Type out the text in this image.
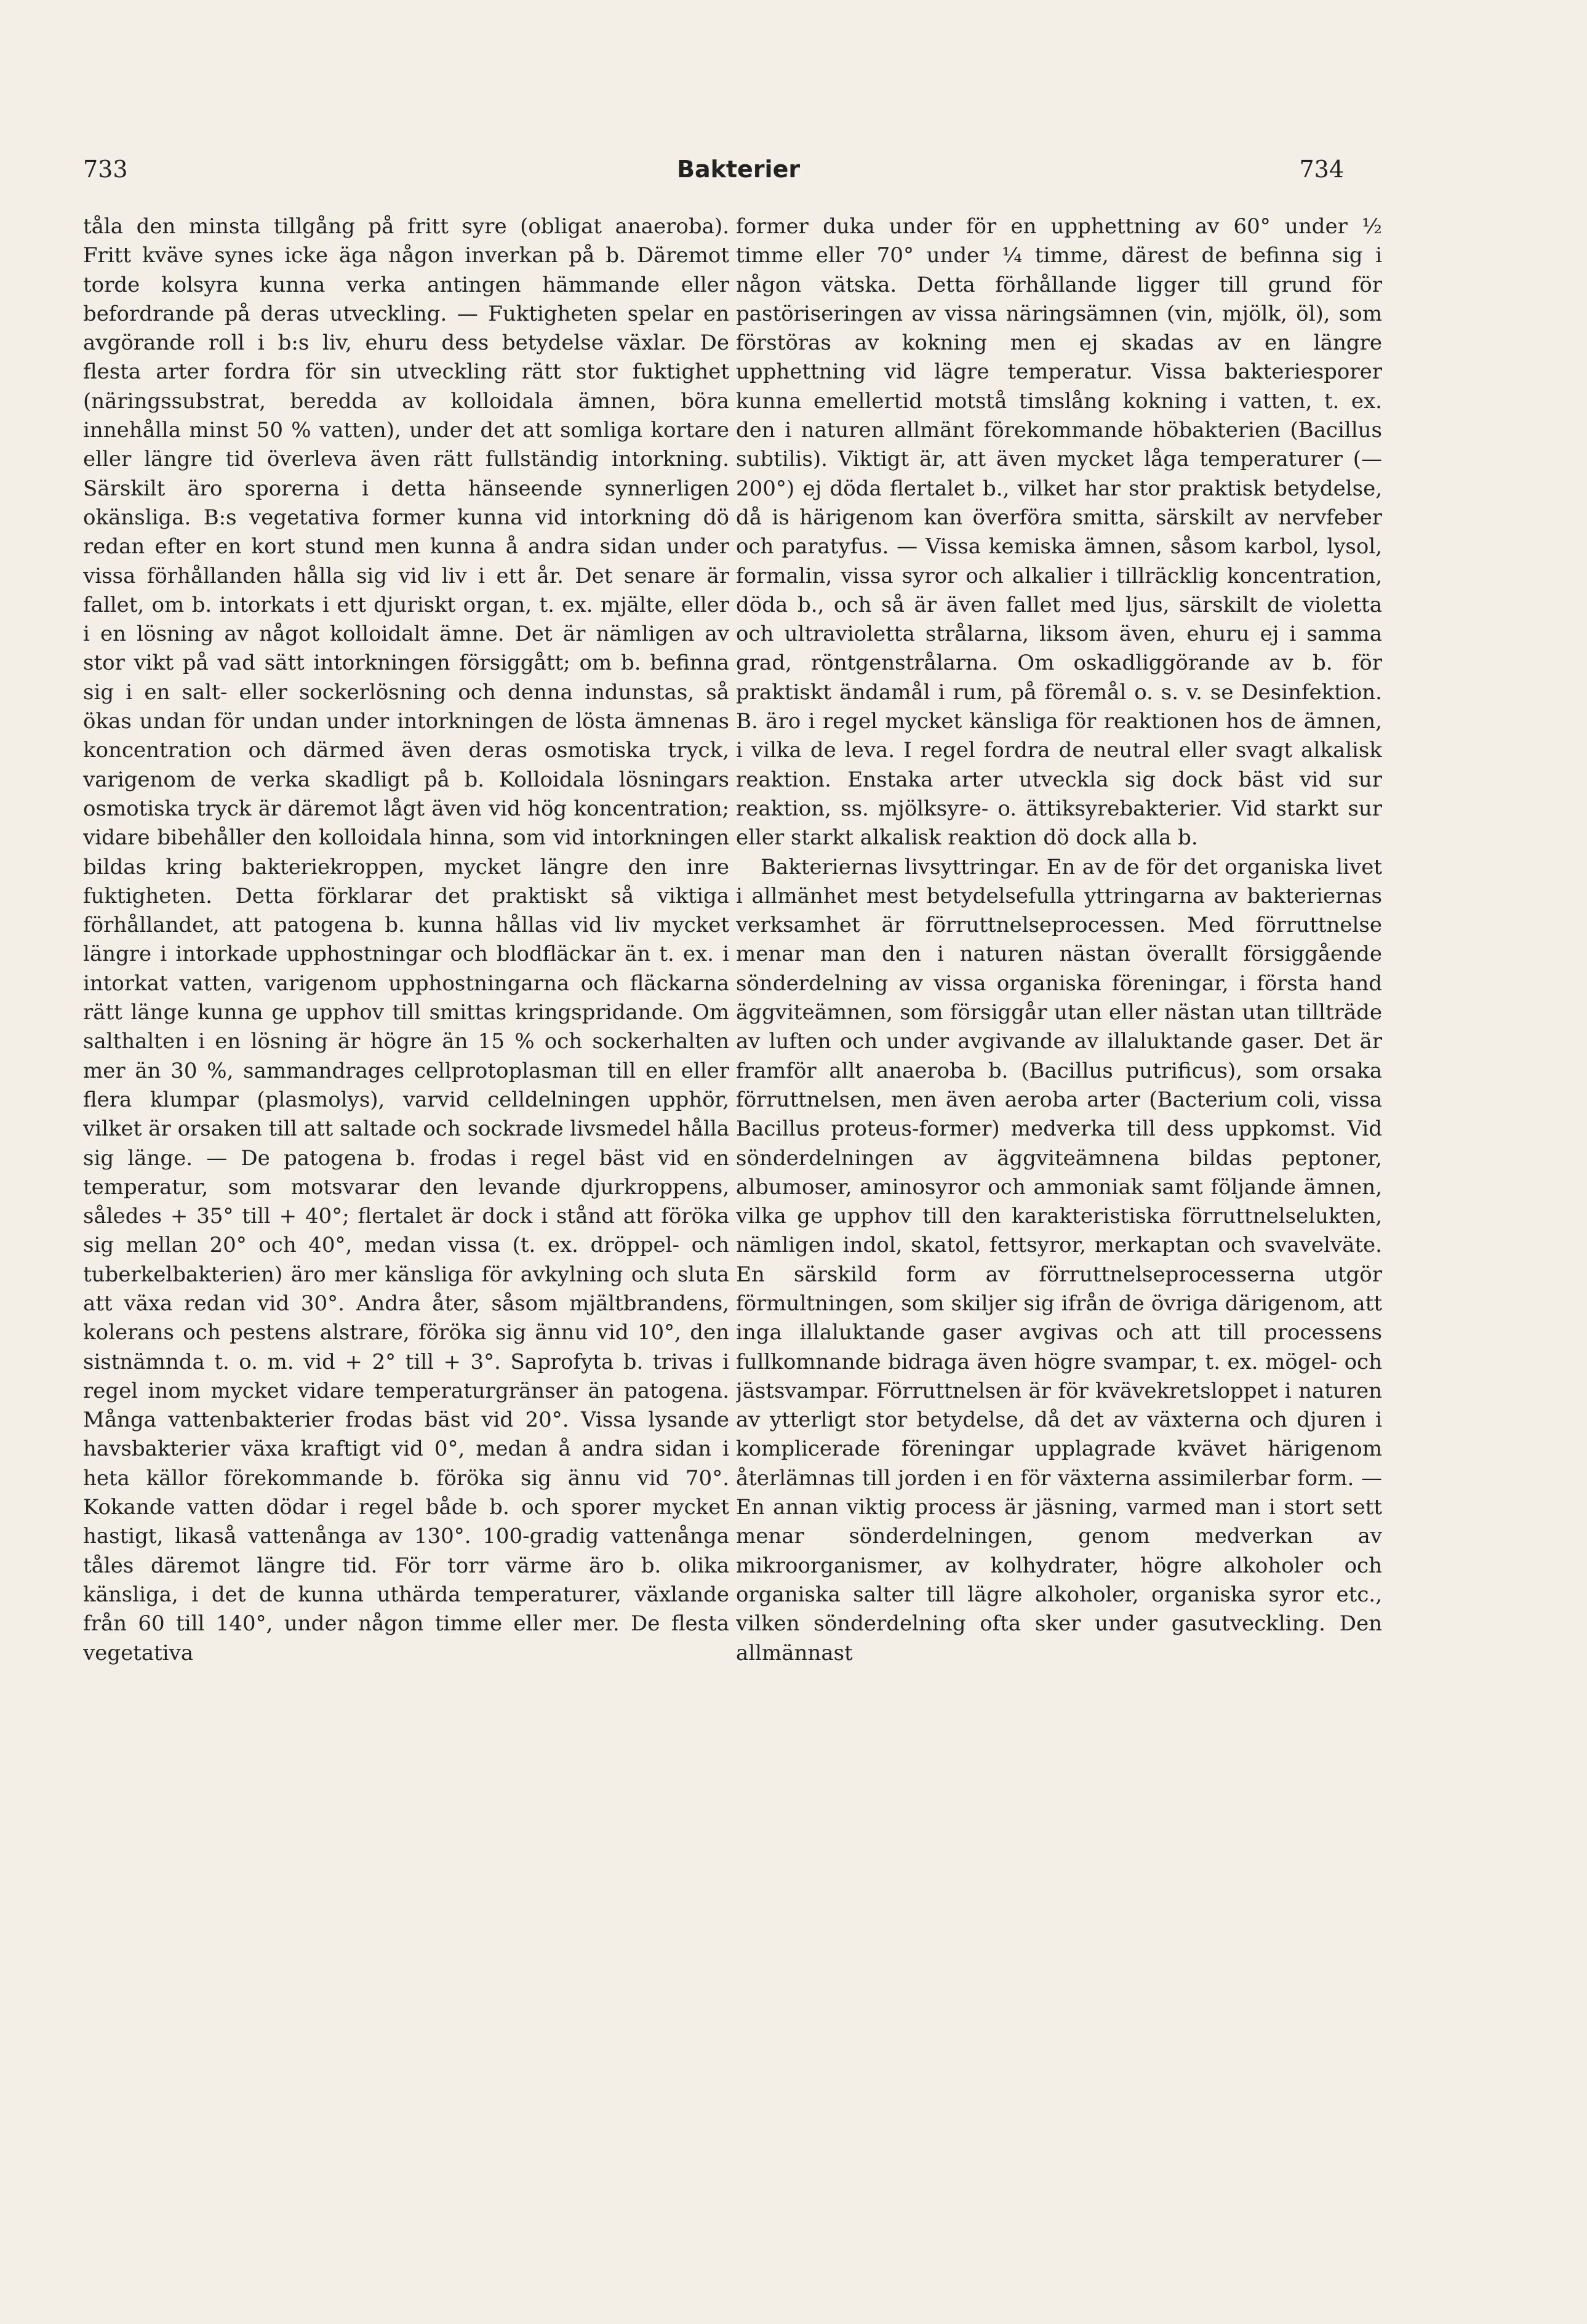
733	Bakterier	734

tåla den minsta tillgång på fritt syre (obligat anaeroba). Fritt kväve synes icke äga någon inverkan på b. Däremot torde kolsyra kunna verka antingen hämmande eller befordrande på deras utveckling. — Fuktigheten spelar en avgörande roll i b:s liv, ehuru dess betydelse växlar. De flesta arter fordra för sin utveckling rätt stor fuktighet (näringssubstrat, beredda av kolloidala ämnen, böra innehålla minst 50 % vatten), under det att somliga kortare eller längre tid överleva även rätt fullständig intorkning. Särskilt äro sporerna i detta hänseende synnerligen okänsliga. B:s vegetativa former kunna vid intorkning dö redan efter en kort stund men kunna å andra sidan under vissa förhållanden hålla sig vid liv i ett år. Det senare är fallet, om b. intorkats i ett djuriskt organ, t. ex. mjälte, eller i en lösning av något kolloidalt ämne. Det är nämligen av stor vikt på vad sätt intorkningen försiggått; om b. befinna sig i en salt- eller sockerlösning och denna indunstas, så ökas undan för undan under intorkningen de lösta ämnenas koncentration och därmed även deras osmotiska tryck, varigenom de verka skadligt på b. Kolloidala lösningars osmotiska tryck är däremot lågt även vid hög koncentration; vidare bibehåller den kolloidala hinna, som vid intorkningen bildas kring bakteriekroppen, mycket längre den inre fuktigheten. Detta förklarar det praktiskt så viktiga förhållandet, att patogena b. kunna hållas vid liv mycket längre i intorkade upphostningar och blodfläckar än t. ex. i intorkat vatten, varigenom upphostningarna och fläckarna rätt länge kunna ge upphov till smittas kringspridande. Om salthalten i en lösning är högre än 15 % och sockerhalten mer än 30 %, sammandrages cellprotoplasman till en eller flera klumpar (plasmolys), varvid celldelningen upphör, vilket är orsaken till att saltade och sockrade livsmedel hålla sig länge. — De patogena b. frodas i regel bäst vid en temperatur, som motsvarar den levande djurkroppens, således + 35° till + 40°; flertalet är dock i stånd att föröka sig mellan 20° och 40°, medan vissa (t. ex. dröppel- och tuberkelbakterien) äro mer känsliga för avkylning och sluta att växa redan vid 30°. Andra åter, såsom mjältbrandens, kolerans och pestens alstrare, föröka sig ännu vid 10°, den sistnämnda t. o. m. vid + 2° till + 3°. Saprofyta b. trivas i regel inom mycket vidare temperaturgränser än patogena. Många vattenbakterier frodas bäst vid 20°. Vissa lysande havsbakterier växa kraftigt vid 0°, medan å andra sidan i heta källor förekommande b. föröka sig ännu vid 70°. Kokande vatten dödar i regel både b. och sporer mycket hastigt, likaså vattenånga av 130°. 100-gradig vattenånga tåles däremot längre tid. För torr värme äro b. olika känsliga, i det de kunna uthärda temperaturer, växlande från 60 till 140°, under någon timme eller mer. De flesta vegetativa

former duka under för en upphettning av 60° under ½ timme eller 70° under ¼ timme, därest de befinna sig i någon vätska. Detta förhållande ligger till grund för pastöriseringen av vissa näringsämnen (vin, mjölk, öl), som förstöras av kokning men ej skadas av en längre upphettning vid lägre temperatur. Vissa bakteriesporer kunna emellertid motstå timslång kokning i vatten, t. ex. den i naturen allmänt förekommande höbakterien (Bacillus subtilis). Viktigt är, att även mycket låga temperaturer (— 200°) ej döda flertalet b., vilket har stor praktisk betydelse, då is härigenom kan överföra smitta, särskilt av nervfeber och paratyfus. — Vissa kemiska ämnen, såsom karbol, lysol, formalin, vissa syror och alkalier i tillräcklig koncentration, döda b., och så är även fallet med ljus, särskilt de violetta och ultravioletta strålarna, liksom även, ehuru ej i samma grad, röntgenstrålarna. Om oskadliggörande av b. för praktiskt ändamål i rum, på föremål o. s. v. se Desinfektion. B. äro i regel mycket känsliga för reaktionen hos de ämnen, i vilka de leva. I regel fordra de neutral eller svagt alkalisk reaktion. Enstaka arter utveckla sig dock bäst vid sur reaktion, ss. mjölksyre- o. ättiksyrebakterier. Vid starkt sur eller starkt alkalisk reaktion dö dock alla b.

Bakteriernas livsyttringar. En av de för det organiska livet i allmänhet mest betydelsefulla yttringarna av bakteriernas verksamhet är förruttnelseprocessen. Med förruttnelse menar man den i naturen nästan överallt försiggående sönderdelning av vissa organiska föreningar, i första hand äggviteämnen, som försiggår utan eller nästan utan tillträde av luften och under avgivande av illaluktande gaser. Det är framför allt anaeroba b. (Bacillus putrificus), som orsaka förruttnelsen, men även aeroba arter (Bacterium coli, vissa Bacillus proteus-former) medverka till dess uppkomst. Vid sönderdelningen av äggviteämnena bildas peptoner, albumoser, aminosyror och ammoniak samt följande ämnen, vilka ge upphov till den karakteristiska förruttnelselukten, nämligen indol, skatol, fettsyror, merkaptan och svavelväte. En särskild form av förruttnelseprocesserna utgör förmultningen, som skiljer sig ifrån de övriga därigenom, att inga illaluktande gaser avgivas och att till processens fullkomnande bidraga även högre svampar, t. ex. mögel- och jästsvampar. Förruttnelsen är för kvävekretsloppet i naturen av ytterligt stor betydelse, då det av växterna och djuren i komplicerade föreningar upplagrade kvävet härigenom återlämnas till jorden i en för växterna assimilerbar form. — En annan viktig process är jäsning, varmed man i stort sett menar sönderdelningen, genom medverkan av mikroorganismer, av kolhydrater, högre alkoholer och organiska salter till lägre alkoholer, organiska syror etc., vilken sönderdelning ofta sker under gasutveckling. Den allmännast
